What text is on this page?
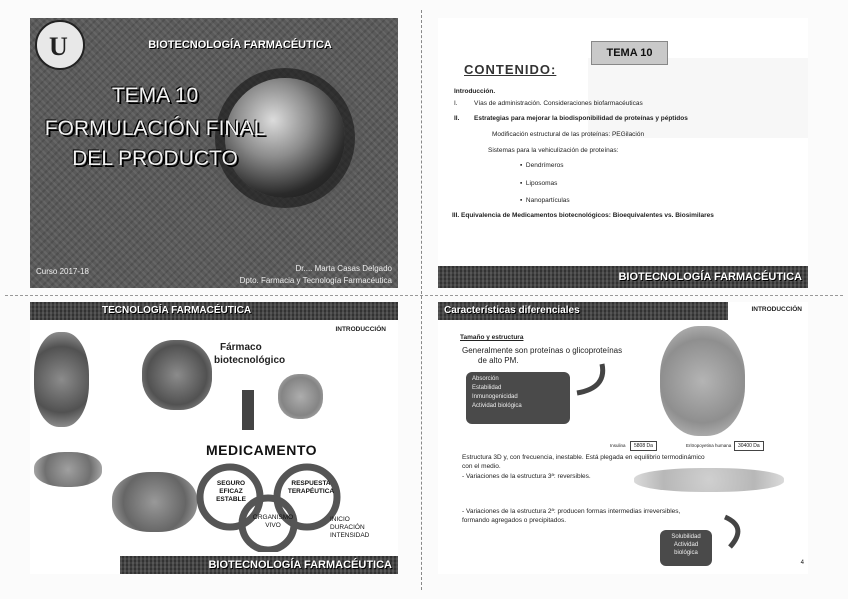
U	BIOTECNOLOGÍA FARMACÉUTICA
TEMA 10
FORMULACIÓN FINAL
DEL PRODUCTO
Curso 2017-18	Dr.... Marta Casas Delgado
Dpto. Farmacia y Tecnología Farmacéutica
TEMA 10
CONTENIDO:
Introducción.
I.	Vías de administración. Consideraciones biofarmacéuticas
II. Estrategias para mejorar la biodisponibilidad de proteínas y péptidos
Modificación estructural de las proteínas: PEGilación
Sistemas para la vehiculización de proteínas:
▪  Dendrímeros
▪  Liposomas
▪  Nanopartículas
III. Equivalencia de Medicamentos biotecnológicos: Bioequivalentes vs. Biosimilares
BIOTECNOLOGÍA FARMACÉUTICA
TECNOLOGÍA FARMACÉUTICA
INTRODUCCIÓN
Fármaco
biotecnológico
MEDICAMENTO
SEGURO
EFICAZ
ESTABLE
RESPUESTA
TERAPÉUTICA
ORGANISMO
VIVO
INICIO
DURACIÓN
INTENSIDAD
BIOTECNOLOGÍA FARMACÉUTICA
Características diferenciales	INTRODUCCIÓN
Tamaño y estructura
Generalmente son proteínas o glicoproteínas
de alto PM.
Absorción
Estabilidad
Inmunogenicidad
Actividad biológica
Insulina	5808 Da	Eritropoyetina humana	30400 Da
Estructura 3D y, con frecuencia, inestable. Está plegada en equilibrio termodinámico
con el medio.
- Variaciones de la estructura 3ª: reversibles.
- Variaciones de la estructura 2ª: producen formas intermedias irreversibles,
formando agregados o precipitados.
Solubilidad
Actividad
biológica
4
